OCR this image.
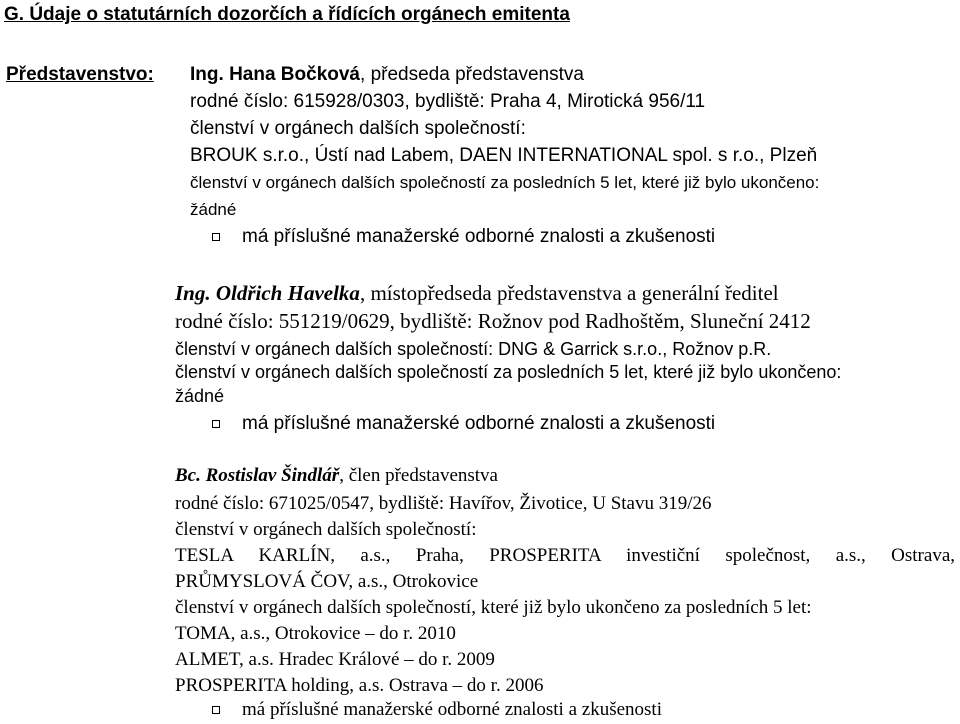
G. Údaje o statutárních dozorčích a řídících orgánech emitenta
Představenstvo: Ing. Hana Bočková, předseda představenstva
rodné číslo: 615928/0303, bydliště: Praha 4, Mirotická 956/11
členství v orgánech dalších společností:
BROUK s.r.o., Ústí nad Labem, DAEN INTERNATIONAL spol. s r.o., Plzeň
členství v orgánech dalších společností za posledních 5 let, které již bylo ukončeno:
žádné
má příslušné manažerské odborné znalosti a zkušenosti
Ing. Oldřich Havelka, místopředseda představenstva a generální ředitel
rodné číslo: 551219/0629, bydliště: Rožnov pod Radhoštěm, Sluneční 2412
členství v orgánech dalších společností: DNG & Garrick s.r.o., Rožnov p.R.
členství v orgánech dalších společností za posledních 5 let, které již bylo ukončeno:
žádné
má příslušné manažerské odborné znalosti a zkušenosti
Bc. Rostislav Šindlář, člen představenstva
rodné číslo: 671025/0547, bydliště: Havířov, Životice, U Stavu 319/26
členství v orgánech dalších společností:
TESLA KARLÍN, a.s., Praha, PROSPERITA investiční společnost, a.s., Ostrava,
PRŮMYSLOVÁ ČOV, a.s., Otrokovice
členství v orgánech dalších společností, které již bylo ukončeno za posledních 5 let:
TOMA, a.s., Otrokovice – do r. 2010
ALMET, a.s. Hradec Králové – do r. 2009
PROSPERITA holding, a.s. Ostrava – do r. 2006
má příslušné manažerské odborné znalosti a zkušenosti
